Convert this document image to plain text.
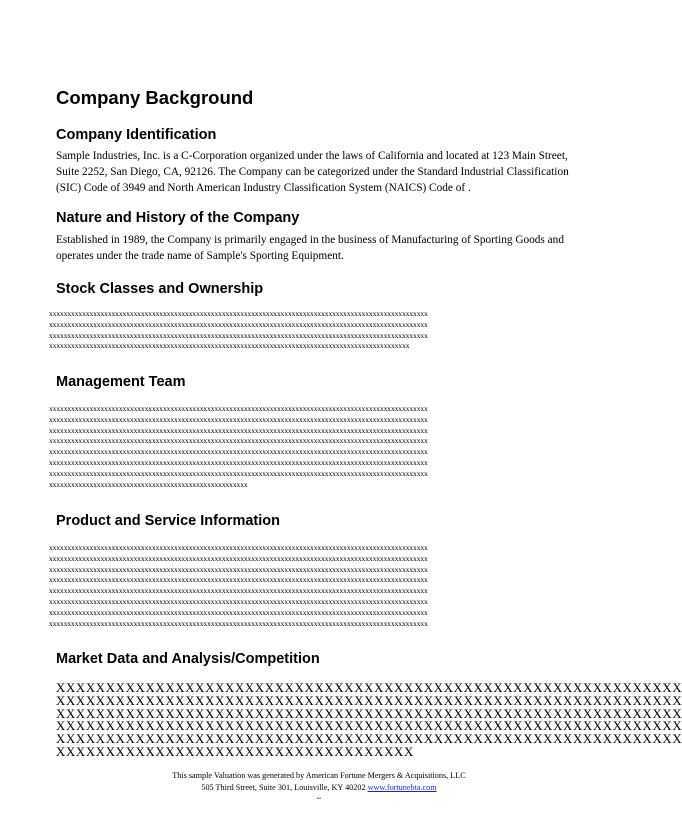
Company Background
Company Identification
Sample Industries, Inc. is a C-Corporation organized under the laws of California and located at 123 Main Street,
Suite 2252, San Diego, CA, 92126. The Company can be categorized under the Standard Industrial Classification
(SIC) Code of 3949 and North American Industry Classification System (NAICS) Code of .
Nature and History of the Company
Established in 1989, the Company is primarily engaged in the business of Manufacturing of Sporting Goods and
operates under the trade name of Sample's Sporting Equipment.
Stock Classes and Ownership
xxxxxxxxxxxxxxxxxxxxxxxxxxxxxxxxxxxxxxxxxxxxxxxxxxxxxxxxxxxxxxxxxxxxxxxxxxxxxxxxxxxxxxxxxxxxxxxxxxxxxxx
xxxxxxxxxxxxxxxxxxxxxxxxxxxxxxxxxxxxxxxxxxxxxxxxxxxxxxxxxxxxxxxxxxxxxxxxxxxxxxxxxxxxxxxxxxxxxxxxxxxxxxx
xxxxxxxxxxxxxxxxxxxxxxxxxxxxxxxxxxxxxxxxxxxxxxxxxxxxxxxxxxxxxxxxxxxxxxxxxxxxxxxxxxxxxxxxxxxxxxxxxxxxxxx
xxxxxxxxxxxxxxxxxxxxxxxxxxxxxxxxxxxxxxxxxxxxxxxxxxxxxxxxxxxxxxxxxxxxxxxxxxxxxxxxxxxxxxxxxxxxxxxxxx
Management Team
xxxxxxxxxxxxxxxxxxxxxxxxxxxxxxxxxxxxxxxxxxxxxxxxxxxxxxxxxxxxxxxxxxxxxxxxxxxxxxxxxxxxxxxxxxxxxxxxxxxxxxx
xxxxxxxxxxxxxxxxxxxxxxxxxxxxxxxxxxxxxxxxxxxxxxxxxxxxxxxxxxxxxxxxxxxxxxxxxxxxxxxxxxxxxxxxxxxxxxxxxxxxxxx
xxxxxxxxxxxxxxxxxxxxxxxxxxxxxxxxxxxxxxxxxxxxxxxxxxxxxxxxxxxxxxxxxxxxxxxxxxxxxxxxxxxxxxxxxxxxxxxxxxxxxxx
xxxxxxxxxxxxxxxxxxxxxxxxxxxxxxxxxxxxxxxxxxxxxxxxxxxxxxxxxxxxxxxxxxxxxxxxxxxxxxxxxxxxxxxxxxxxxxxxxxxxxxx
xxxxxxxxxxxxxxxxxxxxxxxxxxxxxxxxxxxxxxxxxxxxxxxxxxxxxxxxxxxxxxxxxxxxxxxxxxxxxxxxxxxxxxxxxxxxxxxxxxxxxxx
xxxxxxxxxxxxxxxxxxxxxxxxxxxxxxxxxxxxxxxxxxxxxxxxxxxxxxxxxxxxxxxxxxxxxxxxxxxxxxxxxxxxxxxxxxxxxxxxxxxxxxx
xxxxxxxxxxxxxxxxxxxxxxxxxxxxxxxxxxxxxxxxxxxxxxxxxxxxxxxxxxxxxxxxxxxxxxxxxxxxxxxxxxxxxxxxxxxxxxxxxxxxxxx
xxxxxxxxxxxxxxxxxxxxxxxxxxxxxxxxxxxxxxxxxxxxxxxxxxxxxx
Product and Service Information
xxxxxxxxxxxxxxxxxxxxxxxxxxxxxxxxxxxxxxxxxxxxxxxxxxxxxxxxxxxxxxxxxxxxxxxxxxxxxxxxxxxxxxxxxxxxxxxxxxxxxxx
xxxxxxxxxxxxxxxxxxxxxxxxxxxxxxxxxxxxxxxxxxxxxxxxxxxxxxxxxxxxxxxxxxxxxxxxxxxxxxxxxxxxxxxxxxxxxxxxxxxxxxx
xxxxxxxxxxxxxxxxxxxxxxxxxxxxxxxxxxxxxxxxxxxxxxxxxxxxxxxxxxxxxxxxxxxxxxxxxxxxxxxxxxxxxxxxxxxxxxxxxxxxxxx
xxxxxxxxxxxxxxxxxxxxxxxxxxxxxxxxxxxxxxxxxxxxxxxxxxxxxxxxxxxxxxxxxxxxxxxxxxxxxxxxxxxxxxxxxxxxxxxxxxxxxxx
xxxxxxxxxxxxxxxxxxxxxxxxxxxxxxxxxxxxxxxxxxxxxxxxxxxxxxxxxxxxxxxxxxxxxxxxxxxxxxxxxxxxxxxxxxxxxxxxxxxxxxx
xxxxxxxxxxxxxxxxxxxxxxxxxxxxxxxxxxxxxxxxxxxxxxxxxxxxxxxxxxxxxxxxxxxxxxxxxxxxxxxxxxxxxxxxxxxxxxxxxxxxxxx
xxxxxxxxxxxxxxxxxxxxxxxxxxxxxxxxxxxxxxxxxxxxxxxxxxxxxxxxxxxxxxxxxxxxxxxxxxxxxxxxxxxxxxxxxxxxxxxxxxxxxxx
xxxxxxxxxxxxxxxxxxxxxxxxxxxxxxxxxxxxxxxxxxxxxxxxxxxxxxxxxxxxxxxxxxxxxxxxxxxxxxxxxxxxxxxxxxxxxxxxxxxxxxx
Market Data and Analysis/Competition
XXXXXXXXXXXXXXXXXXXXXXXXXXXXXXXXXXXXXXXXXXXXXXXXXXXXXXXXXXXXXXX
XXXXXXXXXXXXXXXXXXXXXXXXXXXXXXXXXXXXXXXXXXXXXXXXXXXXXXXXXXXXXXX
XXXXXXXXXXXXXXXXXXXXXXXXXXXXXXXXXXXXXXXXXXXXXXXXXXXXXXXXXXXXXXX
XXXXXXXXXXXXXXXXXXXXXXXXXXXXXXXXXXXXXXXXXXXXXXXXXXXXXXXXXXXXXXX
XXXXXXXXXXXXXXXXXXXXXXXXXXXXXXXXXXXXXXXXXXXXXXXXXXXXXXXXXXXXXXX
XXXXXXXXXXXXXXXXXXXXXXXXXXXXXXXXXXXX
This sample Valuation was generated by American Fortune Mergers & Acquisitions, LLC
505 Third Street, Suite 301, Louisville, KY 40202 www.fortunebta.com
~
